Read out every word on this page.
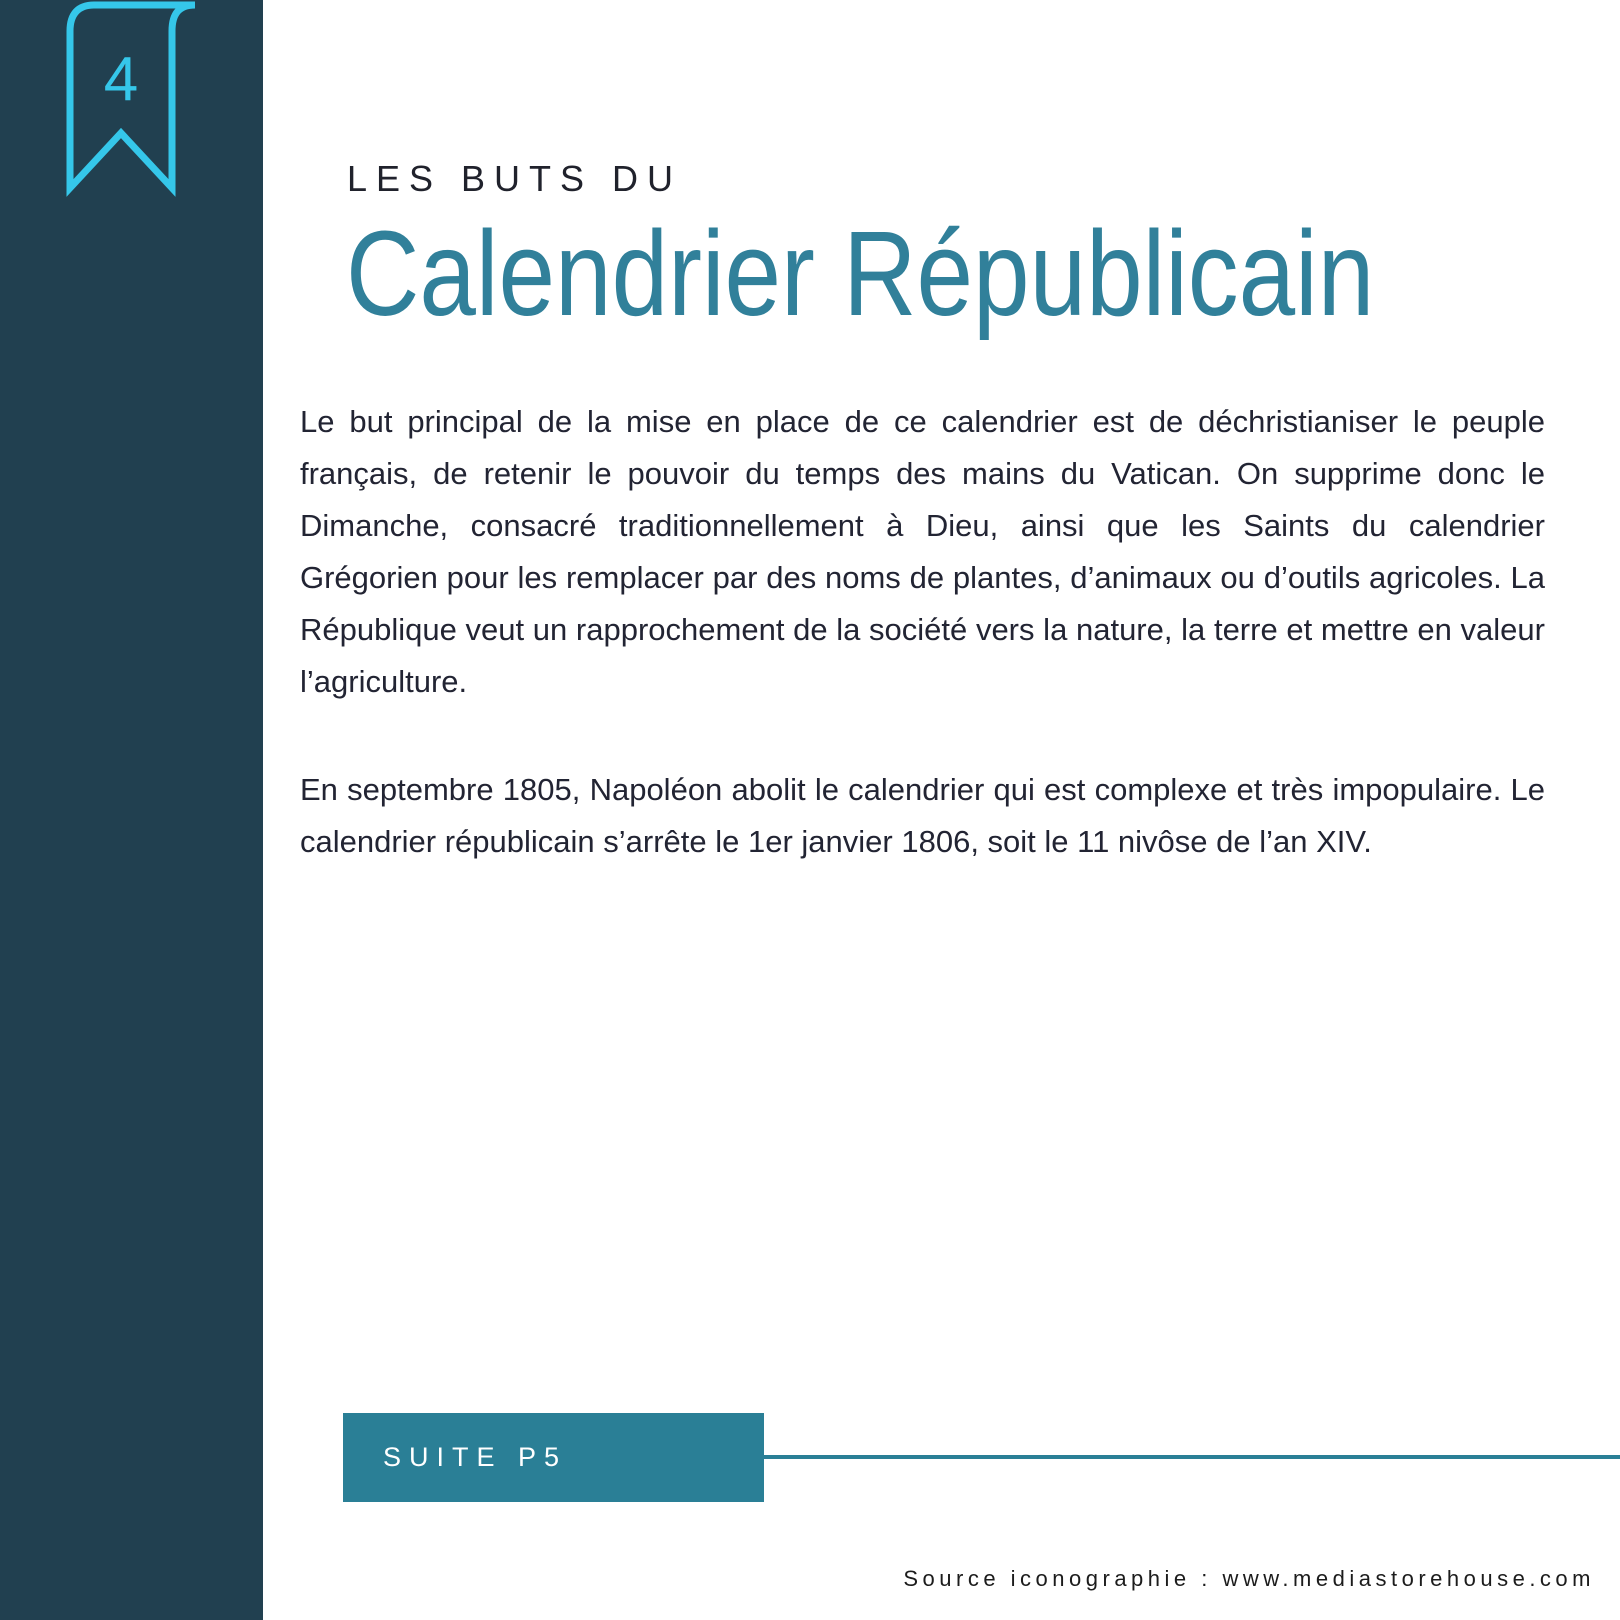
4
LES BUTS DU
Calendrier Républicain

Le but principal de la mise en place de ce calendrier est de déchristianiser le peuple français, de retenir le pouvoir du temps des mains du Vatican. On supprime donc le Dimanche, consacré traditionnellement à Dieu, ainsi que les Saints du calendrier Grégorien pour les remplacer par des noms de plantes, d’animaux ou d’outils agricoles. La République veut un rapprochement de la société vers la nature, la terre et mettre en valeur l’agriculture.

En septembre 1805, Napoléon abolit le calendrier qui est complexe et très impopulaire. Le calendrier républicain s’arrête le 1er janvier 1806, soit le 11 nivôse de l’an XIV.

SUITE P5
Source iconographie : www.mediastorehouse.com
